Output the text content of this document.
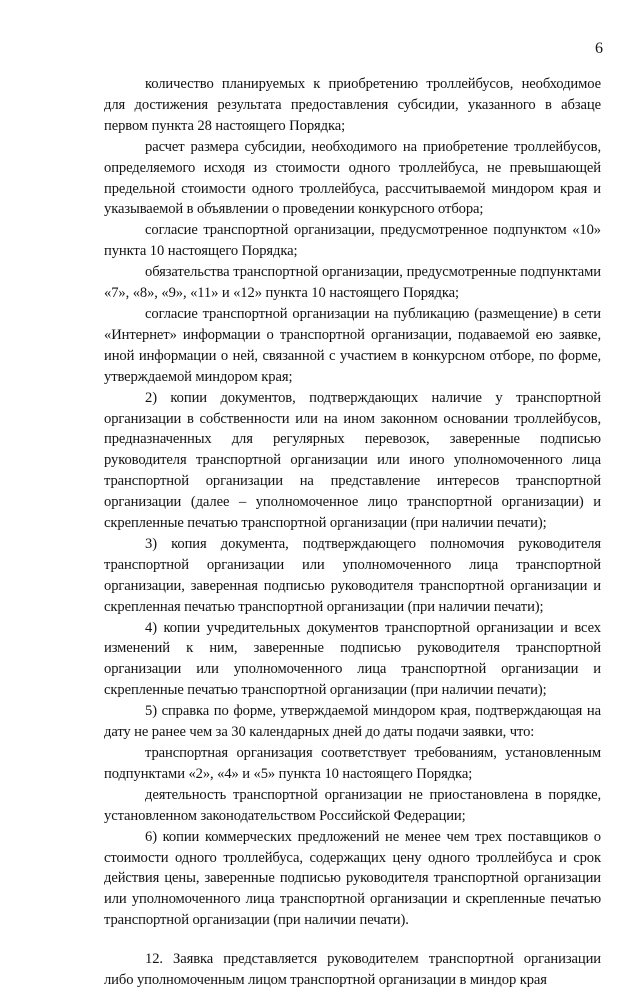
6

количество планируемых к приобретению троллейбусов, необходимое для достижения результата предоставления субсидии, указанного в абзаце первом пункта 28 настоящего Порядка;

расчет размера субсидии, необходимого на приобретение троллейбусов, определяемого исходя из стоимости одного троллейбуса, не превышающей предельной стоимости одного троллейбуса, рассчитываемой миндором края и указываемой в объявлении о проведении конкурсного отбора;

согласие транспортной организации, предусмотренное подпунктом «10» пункта 10 настоящего Порядка;

обязательства транспортной организации, предусмотренные подпунктами «7», «8», «9», «11» и «12» пункта 10 настоящего Порядка;

согласие транспортной организации на публикацию (размещение) в сети «Интернет» информации о транспортной организации, подаваемой ею заявке, иной информации о ней, связанной с участием в конкурсном отборе, по форме, утверждаемой миндором края;

2) копии документов, подтверждающих наличие у транспортной организации в собственности или на ином законном основании троллейбусов, предназначенных для регулярных перевозок, заверенные подписью руководителя транспортной организации или иного уполномоченного лица транспортной организации на представление интересов транспортной организации (далее – уполномоченное лицо транспортной организации) и скрепленные печатью транспортной организации (при наличии печати);

3) копия документа, подтверждающего полномочия руководителя транспортной организации или уполномоченного лица транспортной организации, заверенная подписью руководителя транспортной организации и скрепленная печатью транспортной организации (при наличии печати);

4) копии учредительных документов транспортной организации и всех изменений к ним, заверенные подписью руководителя транспортной организации или уполномоченного лица транспортной организации и скрепленные печатью транспортной организации (при наличии печати);

5) справка по форме, утверждаемой миндором края, подтверждающая на дату не ранее чем за 30 календарных дней до даты подачи заявки, что:

транспортная организация соответствует требованиям, установленным подпунктами «2», «4» и «5» пункта 10 настоящего Порядка;

деятельность транспортной организации не приостановлена в порядке, установленном законодательством Российской Федерации;

6) копии коммерческих предложений не менее чем трех поставщиков о стоимости одного троллейбуса, содержащих цену одного троллейбуса и срок действия цены, заверенные подписью руководителя транспортной организации или уполномоченного лица транспортной организации и скрепленные печатью транспортной организации (при наличии печати).

12. Заявка представляется руководителем транспортной организации либо уполномоченным лицом транспортной организации в миндор края
